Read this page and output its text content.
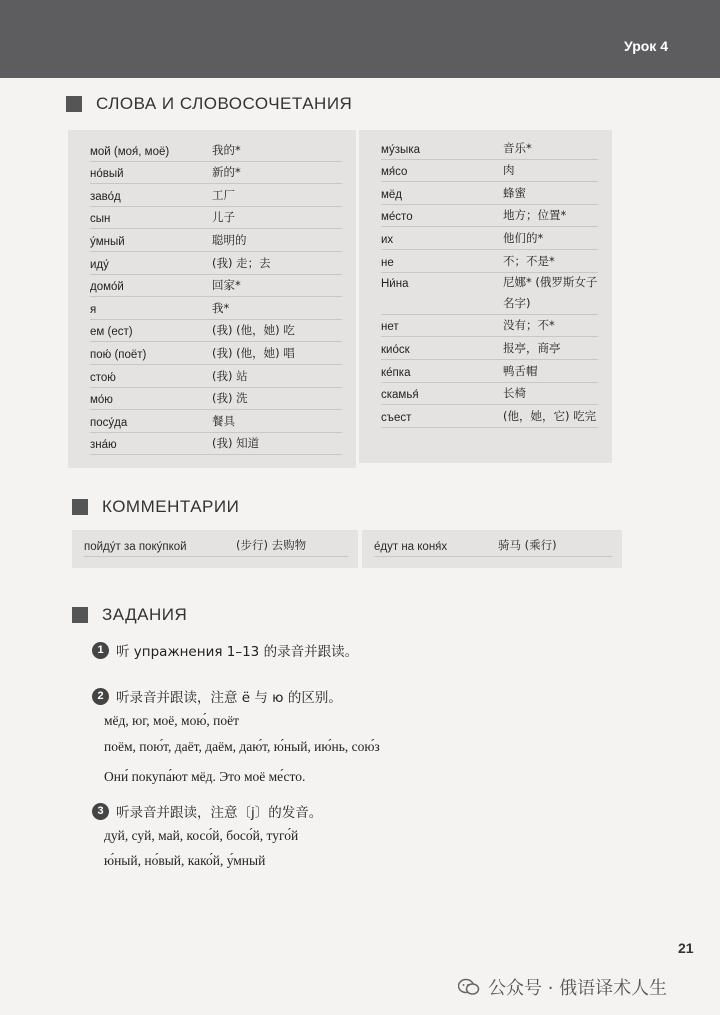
Урок 4
СЛОВА И СЛОВОСОЧЕТАНИЯ
мой (моя́, моё)	我的*
но́вый	新的*
заво́д	工厂
сын	儿子
у́мный	聪明的
иду́	(我) 走；去
домо́й	回家*
я	我*
ем (ест)	(我) (他，她) 吃
пою́ (поёт)	(我) (他，她) 唱
стою́	(我) 站
мо́ю	(我) 洗
посу́да	餐具
зна́ю	(我) 知道
му́зыка	音乐*
мя́со	肉
мёд	蜂蜜
ме́сто	地方；位置*
их	他们的*
не	不；不是*
Ни́на	尼娜* (俄罗斯女子
名字)
нет	没有；不*
кио́ск	报亭，商亭
ке́пка	鸭舌帽
скамья́	长椅
съест	(他，她，它) 吃完
КОММЕНТАРИИ
пойду́т за поку́пкой	(步行) 去购物	е́дут на коня́х	骑马 (乘行)
ЗАДАНИЯ
1 听 упражнения 1–13 的录音并跟读。
2 听录音并跟读，注意 ё 与 ю 的区别。
мёд, юг, моё, мою́, поёт
поём, пою́т, даёт, даём, даю́т, ю́ный, ию́нь, сою́з
Они́ покупа́ют мёд. Это моё ме́сто.
3 听录音并跟读，注意〔j〕的发音。
дуй, суй, май, косо́й, бoсо́й, туго́й
ю́ный, но́вый, како́й, у́мный
21
公众号 · 俄语译术人生
